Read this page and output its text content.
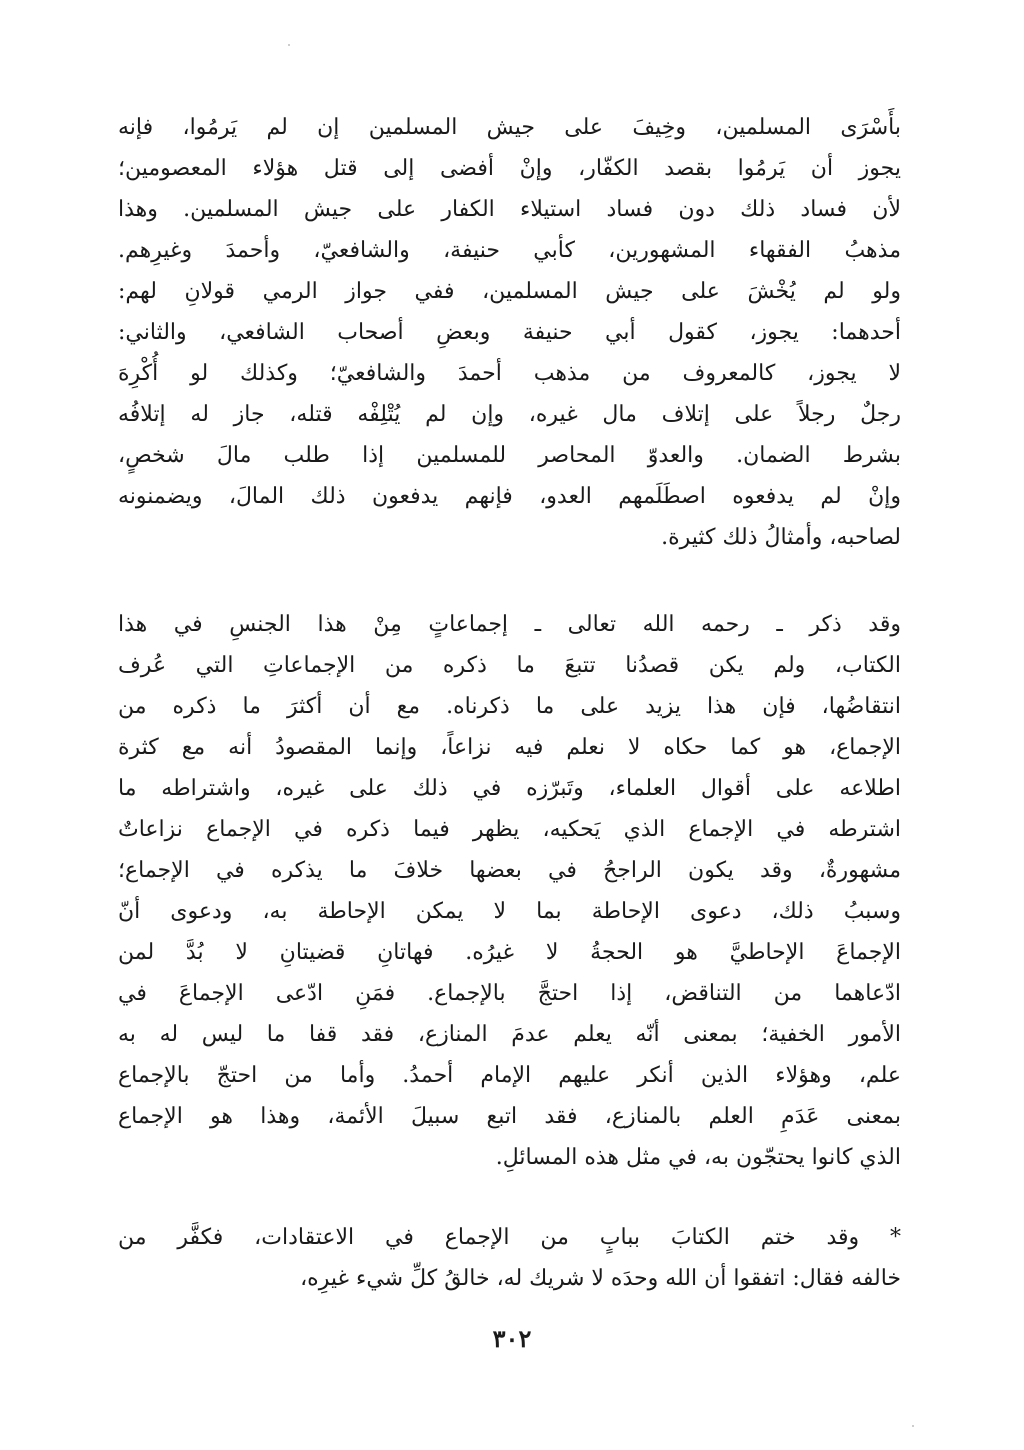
بأَسْرَى المسلمين، وخِيفَ على جيش المسلمين إن لم يَرمُوا، فإنه
يجوز أن يَرمُوا بقصد الكفّار، وإنْ أفضى إلى قتل هؤلاء المعصومين؛
لأن فساد ذلك دون فساد استيلاء الكفار على جيش المسلمين. وهذا
مذهبُ الفقهاء المشهورين، كأبي حنيفة، والشافعيّ، وأحمدَ وغيرِهم.
ولو لم يُخْشَ على جيش المسلمين، ففي جواز الرمي قولانِ لهم:
أحدهما: يجوز، كقول أبي حنيفة وبعضِ أصحاب الشافعي، والثاني:
لا يجوز، كالمعروف من مذهب أحمدَ والشافعيّ؛ وكذلك لو أُكْرِهَ
رجلٌ رجلاً على إتلاف مال غيره، وإن لم يُتْلِفْه قتله، جاز له إتلافُه
بشرط الضمان. والعدوّ المحاصر للمسلمين إذا طلب مالَ شخصٍ،
وإنْ لم يدفعوه اصطَلَمهم العدو، فإنهم يدفعون ذلك المالَ، ويضمنونه
لصاحبه، وأمثالُ ذلك كثيرة.
وقد ذكر ـ رحمه الله تعالى ـ إجماعاتٍ مِنْ هذا الجنسِ في هذا
الكتاب، ولم يكن قصدُنا تتبعَ ما ذكره من الإجماعاتِ التي عُرف
انتقاضُها، فإن هذا يزيد على ما ذكرناه. مع أن أكثرَ ما ذكره من
الإجماع، هو كما حكاه لا نعلم فيه نزاعاً، وإنما المقصودُ أنه مع كثرة
اطلاعه على أقوال العلماء، وتَبرّزه في ذلك على غيره، واشتراطه ما
اشترطه في الإجماع الذي يَحكيه، يظهر فيما ذكره في الإجماع نزاعاتٌ
مشهورةٌ، وقد يكون الراجحُ في بعضها خلافَ ما يذكره في الإجماع؛
وسببُ ذلك، دعوى الإحاطة بما لا يمكن الإحاطة به، ودعوى أنّ
الإجماعَ الإحاطيَّ هو الحجةُ لا غيرُه. فهاتانِ قضيتانِ لا بُدَّ لمن
ادّعاهما من التناقض، إذا احتجَّ بالإجماع. فمَنِ ادّعى الإجماعَ في
الأمور الخفية؛ بمعنى أنّه يعلم عدمَ المنازع، فقد قفا ما ليس له به
علم، وهؤلاء الذين أنكر عليهم الإمام أحمدُ. وأما من احتجّ بالإجماع
بمعنى عَدَمِ العلم بالمنازع، فقد اتبع سبيلَ الأئمة، وهذا هو الإجماع
الذي كانوا يحتجّون به، في مثل هذه المسائلِ.
* وقد ختم الكتابَ ببابٍ من الإجماع في الاعتقادات، فكفَّر من
خالفه فقال: اتفقوا أن الله وحدَه لا شريك له، خالقُ كلِّ شيء غيرِه،
٣٠٢
